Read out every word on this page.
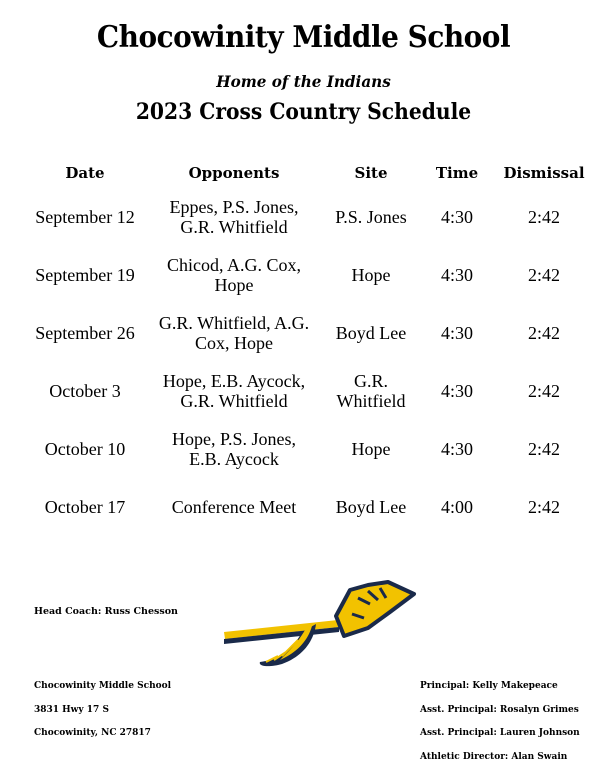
Chocowinity Middle School
Home of the Indians
2023 Cross Country Schedule
Date	Opponents	Site	Time	Dismissal
September 12	Eppes, P.S. Jones, G.R. Whitfield	P.S. Jones	4:30	2:42
September 19	Chicod, A.G. Cox, Hope	Hope	4:30	2:42
September 26	G.R. Whitfield, A.G. Cox, Hope	Boyd Lee	4:30	2:42
October 3	Hope, E.B. Aycock, G.R. Whitfield	G.R. Whitfield	4:30	2:42
October 10	Hope, P.S. Jones, E.B. Aycock	Hope	4:30	2:42
October 17	Conference Meet	Boyd Lee	4:00	2:42
Head Coach: Russ Chesson
Chocowinity Middle School
3831 Hwy 17 S
Chocowinity, NC 27817
Principal: Kelly Makepeace
Asst. Principal: Rosalyn Grimes
Asst. Principal: Lauren Johnson
Athletic Director: Alan Swain
